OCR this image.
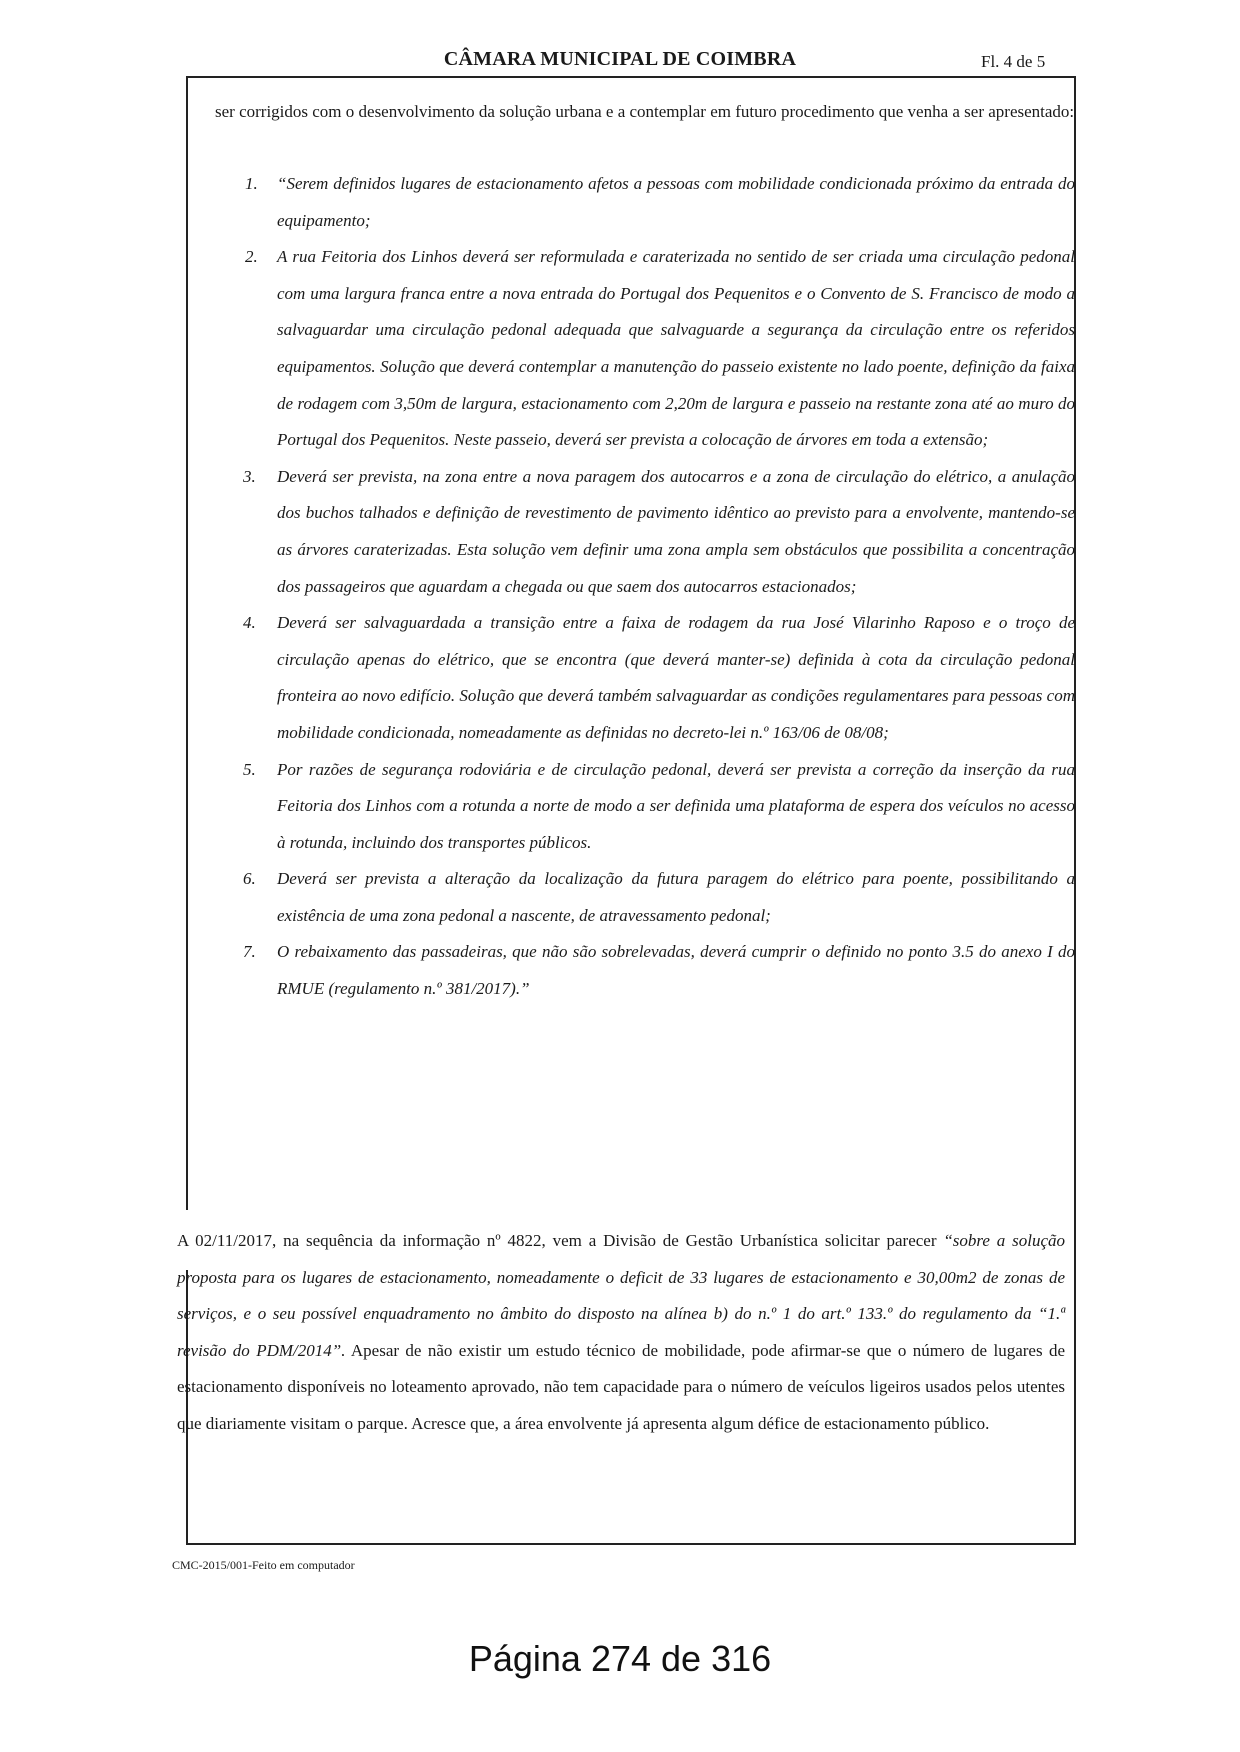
CÂMARA MUNICIPAL DE COIMBRA	Fl. 4 de 5
ser corrigidos com o desenvolvimento da solução urbana e a contemplar em futuro procedimento que venha a ser apresentado:
1. “Serem definidos lugares de estacionamento afetos a pessoas com mobilidade condicionada próximo da entrada do equipamento;
2. A rua Feitoria dos Linhos deverá ser reformulada e caraterizada no sentido de ser criada uma circulação pedonal com uma largura franca entre a nova entrada do Portugal dos Pequenitos e o Convento de S. Francisco de modo a salvaguardar uma circulação pedonal adequada que salvaguarde a segurança da circulação entre os referidos equipamentos. Solução que deverá contemplar a manutenção do passeio existente no lado poente, definição da faixa de rodagem com 3,50m de largura, estacionamento com 2,20m de largura e passeio na restante zona até ao muro do Portugal dos Pequenitos. Neste passeio, deverá ser prevista a colocação de árvores em toda a extensão;
3. Deverá ser prevista, na zona entre a nova paragem dos autocarros e a zona de circulação do elétrico, a anulação dos buchos talhados e definição de revestimento de pavimento idêntico ao previsto para a envolvente, mantendo-se as árvores caraterizadas. Esta solução vem definir uma zona ampla sem obstáculos que possibilita a concentração dos passageiros que aguardam a chegada ou que saem dos autocarros estacionados;
4. Deverá ser salvaguardada a transição entre a faixa de rodagem da rua José Vilarinho Raposo e o troço de circulação apenas do elétrico, que se encontra (que deverá manter-se) definida à cota da circulação pedonal fronteira ao novo edifício. Solução que deverá também salvaguardar as condições regulamentares para pessoas com mobilidade condicionada, nomeadamente as definidas no decreto-lei n.º 163/06 de 08/08;
5. Por razões de segurança rodoviária e de circulação pedonal, deverá ser prevista a correção da inserção da rua Feitoria dos Linhos com a rotunda a norte de modo a ser definida uma plataforma de espera dos veículos no acesso à rotunda, incluindo dos transportes públicos.
6. Deverá ser prevista a alteração da localização da futura paragem do elétrico para poente, possibilitando a existência de uma zona pedonal a nascente, de atravessamento pedonal;
7. O rebaixamento das passadeiras, que não são sobrelevadas, deverá cumprir o definido no ponto 3.5 do anexo I do RMUE (regulamento n.º 381/2017).”
A 02/11/2017, na sequência da informação nº 4822, vem a Divisão de Gestão Urbanística solicitar parecer “sobre a solução proposta para os lugares de estacionamento, nomeadamente o deficit de 33 lugares de estacionamento e 30,00m2 de zonas de serviços, e o seu possível enquadramento no âmbito do disposto na alínea b) do n.º 1 do art.º 133.º do regulamento da “1.ª revisão do PDM/2014”. Apesar de não existir um estudo técnico de mobilidade, pode afirmar-se que o número de lugares de estacionamento disponíveis no loteamento aprovado, não tem capacidade para o número de veículos ligeiros usados pelos utentes que diariamente visitam o parque. Acresce que, a área envolvente já apresenta algum défice de estacionamento público.
CMC-2015/001-Feito em computador
Página 274 de 316
